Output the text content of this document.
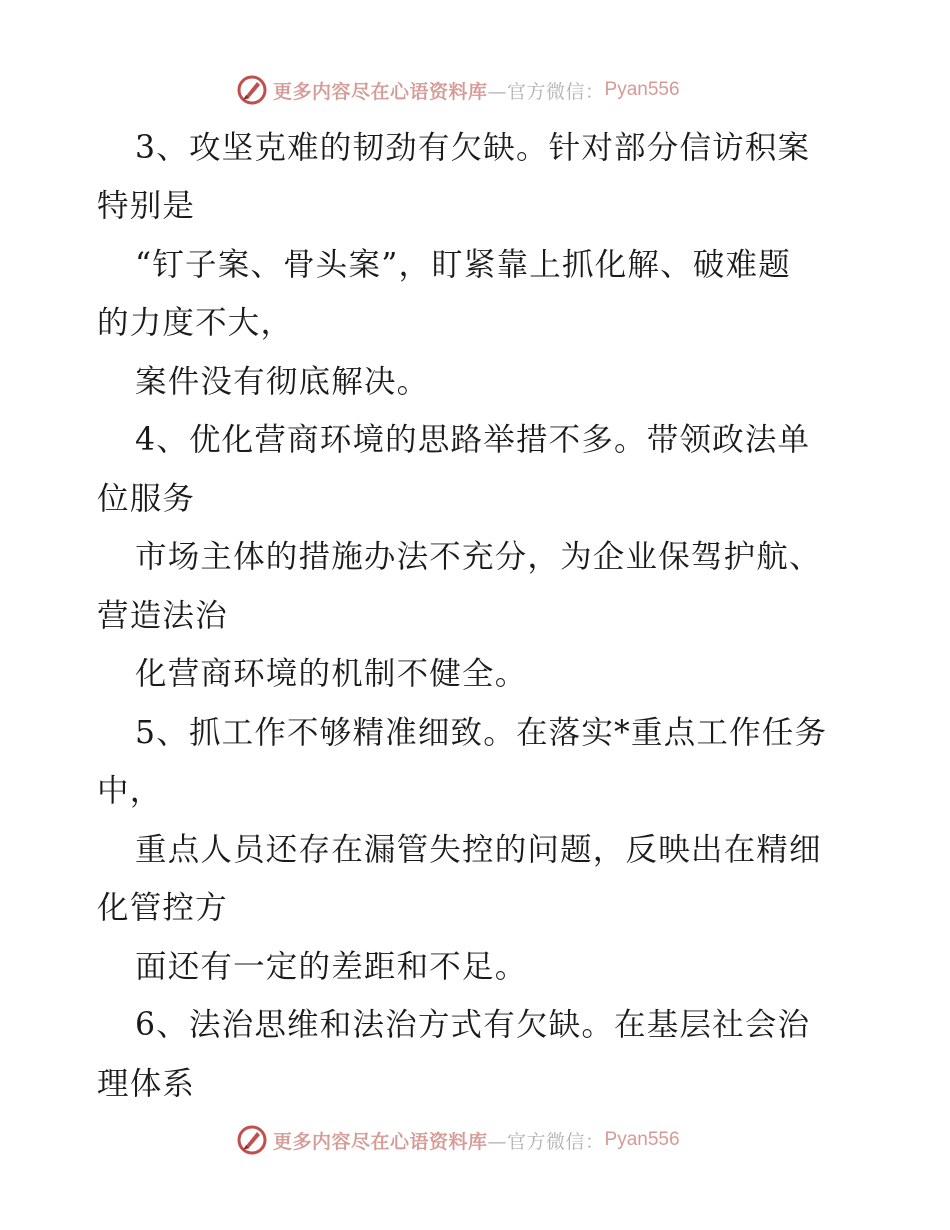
更多内容尽在心语资料库 —官方微信： Pyan556
3、攻坚克难的韧劲有欠缺。针对部分信访积案
特别是
“钉子案、骨头案”，盯紧靠上抓化解、破难题
的力度不大，
案件没有彻底解决。
4、优化营商环境的思路举措不多。带领政法单
位服务
市场主体的措施办法不充分，为企业保驾护航、
营造法治
化营商环境的机制不健全。
5、抓工作不够精准细致。在落实*重点工作任务
中，
重点人员还存在漏管失控的问题，反映出在精细
化管控方
面还有一定的差距和不足。
6、法治思维和法治方式有欠缺。在基层社会治
理体系
更多内容尽在心语资料库 —官方微信： Pyan556
